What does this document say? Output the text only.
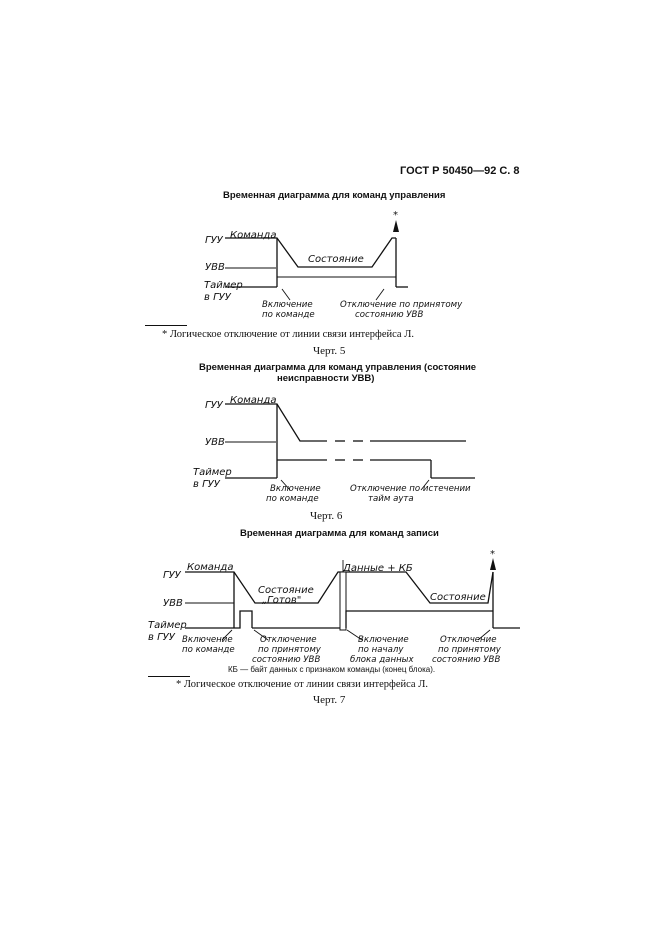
ГОСТ Р 50450—92 С. 8
Временная диаграмма для команд управления
*
Команда
ГУУ
УВВ
Состояние
Таймер
в ГУУ
Включение
по команде
Отключение по принятому
состоянию УВВ
* Логическое отключение от линии связи интерфейса Л.
Черт. 5
Временная диаграмма для команд управления (состояние
неисправности УВВ)
Команда
ГУУ
УВВ
Таймер
в ГУУ	Включение
по команде
Отключение по истечении
тайм аута
Черт. 6
Временная диаграмма для команд записи
*
Команда
ГУУ
УВВ
Состояние
„Готов"
Данные + КБ
Состояние
Таймер
в ГУУ Включение
по команде
Отключение
по принятому
состоянию УВВ
Включение
по началу
блока данных
Отключение
по принятому
состоянию УВВ
КБ — байт данных с признаком команды (конец блока).
* Логическое отключение от линии связи интерфейса Л.
Черт. 7
